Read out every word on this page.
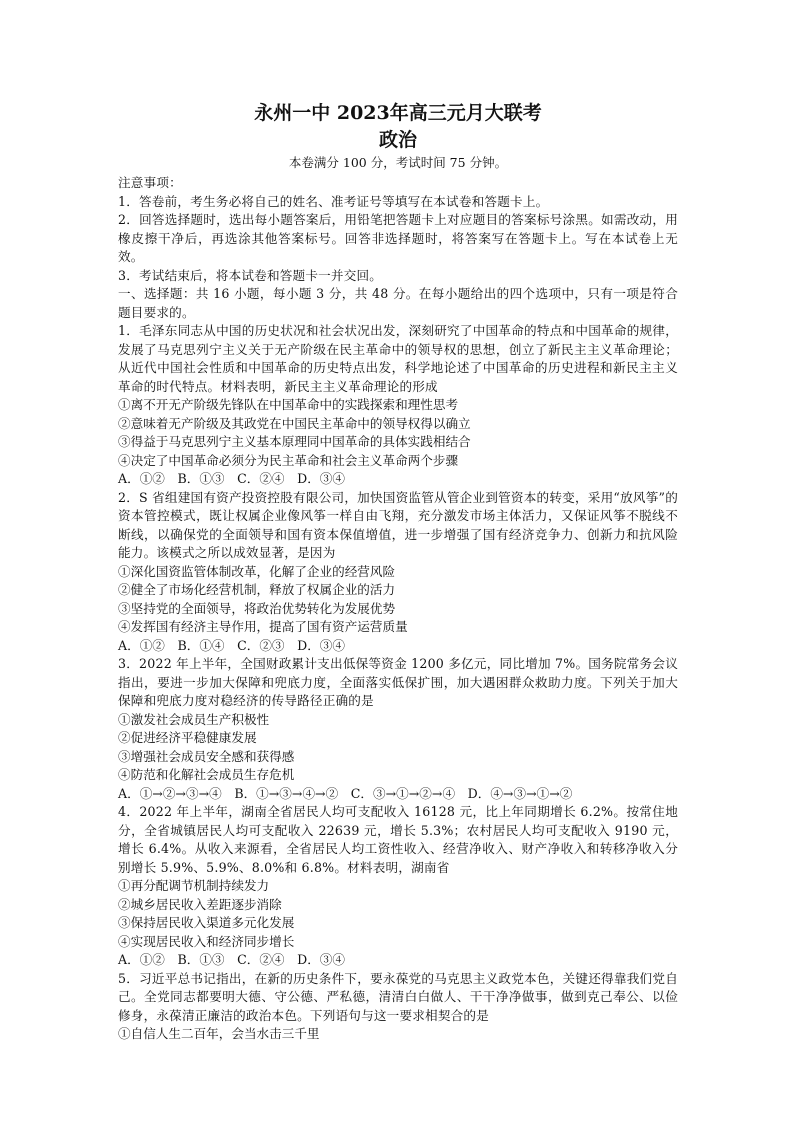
永州一中 2023年高三元月大联考

政治

本卷满分 100 分，考试时间 75 分钟。

注意事项：

1．答卷前，考生务必将自己的姓名、准考证号等填写在本试卷和答题卡上。

2．回答选择题时，选出每小题答案后，用铅笔把答题卡上对应题目的答案标号涂黑。如需改动，用橡皮擦干净后，再选涂其他答案标号。回答非选择题时，将答案写在答题卡上。写在本试卷上无效。

3．考试结束后，将本试卷和答题卡一并交回。

一、选择题：共 16 小题，每小题 3 分，共 48 分。在每小题给出的四个选项中，只有一项是符合题目要求的。

1．毛泽东同志从中国的历史状况和社会状况出发，深刻研究了中国革命的特点和中国革命的规律，发展了马克思列宁主义关于无产阶级在民主革命中的领导权的思想，创立了新民主主义革命理论；从近代中国社会性质和中国革命的历史特点出发，科学地论述了中国革命的历史进程和新民主主义革命的时代特点。材料表明，新民主主义革命理论的形成

①离不开无产阶级先锋队在中国革命中的实践探索和理性思考

②意味着无产阶级及其政党在中国民主革命中的领导权得以确立

③得益于马克思列宁主义基本原理同中国革命的具体实践相结合

④决定了中国革命必须分为民主革命和社会主义革命两个步骤

A．①②　B．①③　C．②④　D．③④

2．S 省组建国有资产投资控股有限公司，加快国资监管从管企业到管资本的转变，采用“放风筝”的资本管控模式，既让权属企业像风筝一样自由飞翔，充分激发市场主体活力，又保证风筝不脱线不断线，以确保党的全面领导和国有资本保值增值，进一步增强了国有经济竞争力、创新力和抗风险能力。该模式之所以成效显著，是因为

①深化国资监管体制改革，化解了企业的经营风险

②健全了市场化经营机制，释放了权属企业的活力

③坚持党的全面领导，将政治优势转化为发展优势

④发挥国有经济主导作用，提高了国有资产运营质量

A．①②　B．①④　C．②③　D．③④

3．2022 年上半年，全国财政累计支出低保等资金 1200 多亿元，同比增加 7%。国务院常务会议指出，要进一步加大保障和兜底力度，全面落实低保扩围，加大遇困群众救助力度。下列关于加大保障和兜底力度对稳经济的传导路径正确的是

①激发社会成员生产积极性

②促进经济平稳健康发展

③增强社会成员安全感和获得感

④防范和化解社会成员生存危机

A．①→②→③→④　B．①→③→④→②　C．③→①→②→④　D．④→③→①→②

4．2022 年上半年，湖南全省居民人均可支配收入 16128 元，比上年同期增长 6.2%。按常住地分，全省城镇居民人均可支配收入 22639 元，增长 5.3%；农村居民人均可支配收入 9190 元，增长 6.4%。从收入来源看，全省居民人均工资性收入、经营净收入、财产净收入和转移净收入分别增长 5.9%、5.9%、8.0%和 6.8%。材料表明，湖南省

①再分配调节机制持续发力

②城乡居民收入差距逐步消除

③保持居民收入渠道多元化发展

④实现居民收入和经济同步增长

A．①②　B．①③　C．②④　D．③④

5．习近平总书记指出，在新的历史条件下，要永葆党的马克思主义政党本色，关键还得靠我们党自己。全党同志都要明大德、守公德、严私德，清清白白做人、干干净净做事，做到克己奉公、以俭修身，永葆清正廉洁的政治本色。下列语句与这一要求相契合的是

①自信人生二百年，会当水击三千里
